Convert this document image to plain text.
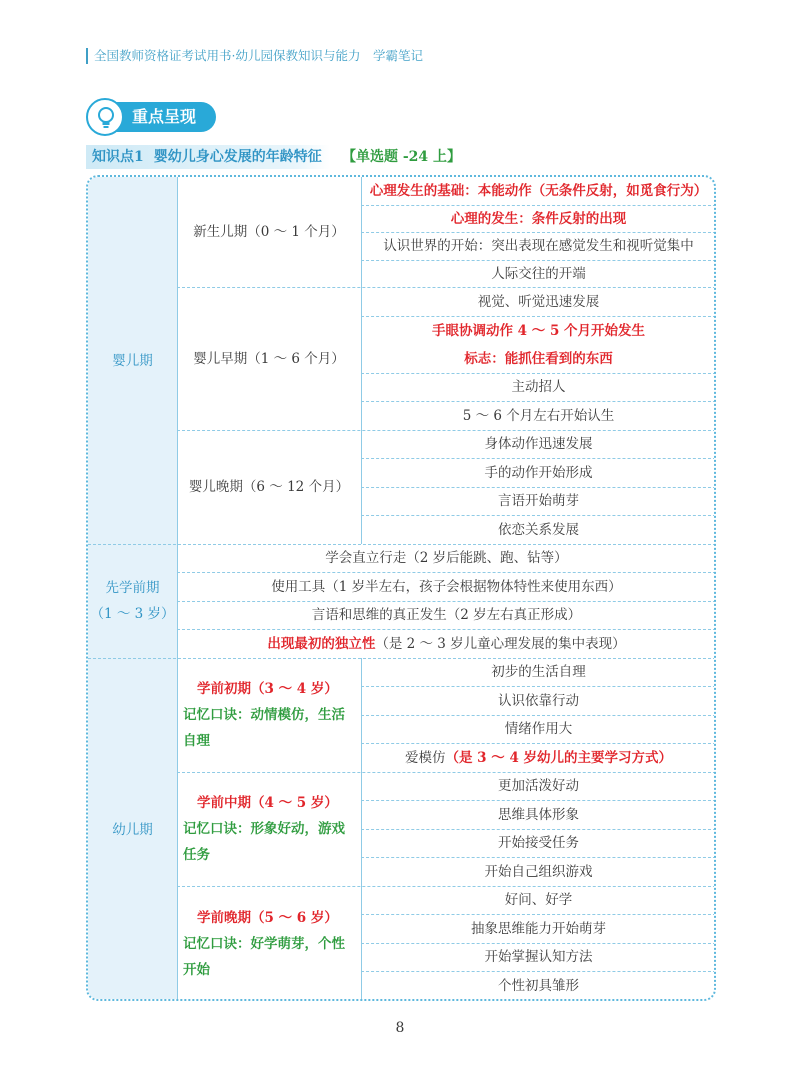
全国教师资格证考试用书·幼儿园保教知识与能力　学霸笔记
重点呈现
知识点1 婴幼儿身心发展的年龄特征	【单选题 -24 上】
婴儿期
先学前期
（1 ～ 3 岁）
幼儿期
新生儿期（0 ～ 1 个月）
婴儿早期（1 ～ 6 个月）
婴儿晚期（6 ～ 12 个月）
心理发生的基础：本能动作（无条件反射，如觅食行为）
心理的发生：条件反射的出现
认识世界的开始：突出表现在感觉发生和视听觉集中
人际交往的开端
视觉、听觉迅速发展
手眼协调动作 4 ～ 5 个月开始发生
标志：能抓住看到的东西
主动招人
5 ～ 6 个月左右开始认生
身体动作迅速发展
手的动作开始形成
言语开始萌芽
依恋关系发展
学会直立行走（2 岁后能跳、跑、钻等）
使用工具（1 岁半左右，孩子会根据物体特性来使用东西）
言语和思维的真正发生（2 岁左右真正形成）
出现最初的独立性 （是 2 ～ 3 岁儿童心理发展的集中表现）
学前初期（3 ～ 4 岁）
记忆口诀：动情模仿，生活自理
学前中期（4 ～ 5 岁）
记忆口诀：形象好动，游戏任务
学前晚期（5 ～ 6 岁）
记忆口诀：好学萌芽，个性开始
初步的生活自理
认识依靠行动
情绪作用大
爱模仿 （是 3 ～ 4 岁幼儿的主要学习方式）
更加活泼好动
思维具体形象
开始接受任务
开始自己组织游戏
好问、好学
抽象思维能力开始萌芽
开始掌握认知方法
个性初具雏形
8
